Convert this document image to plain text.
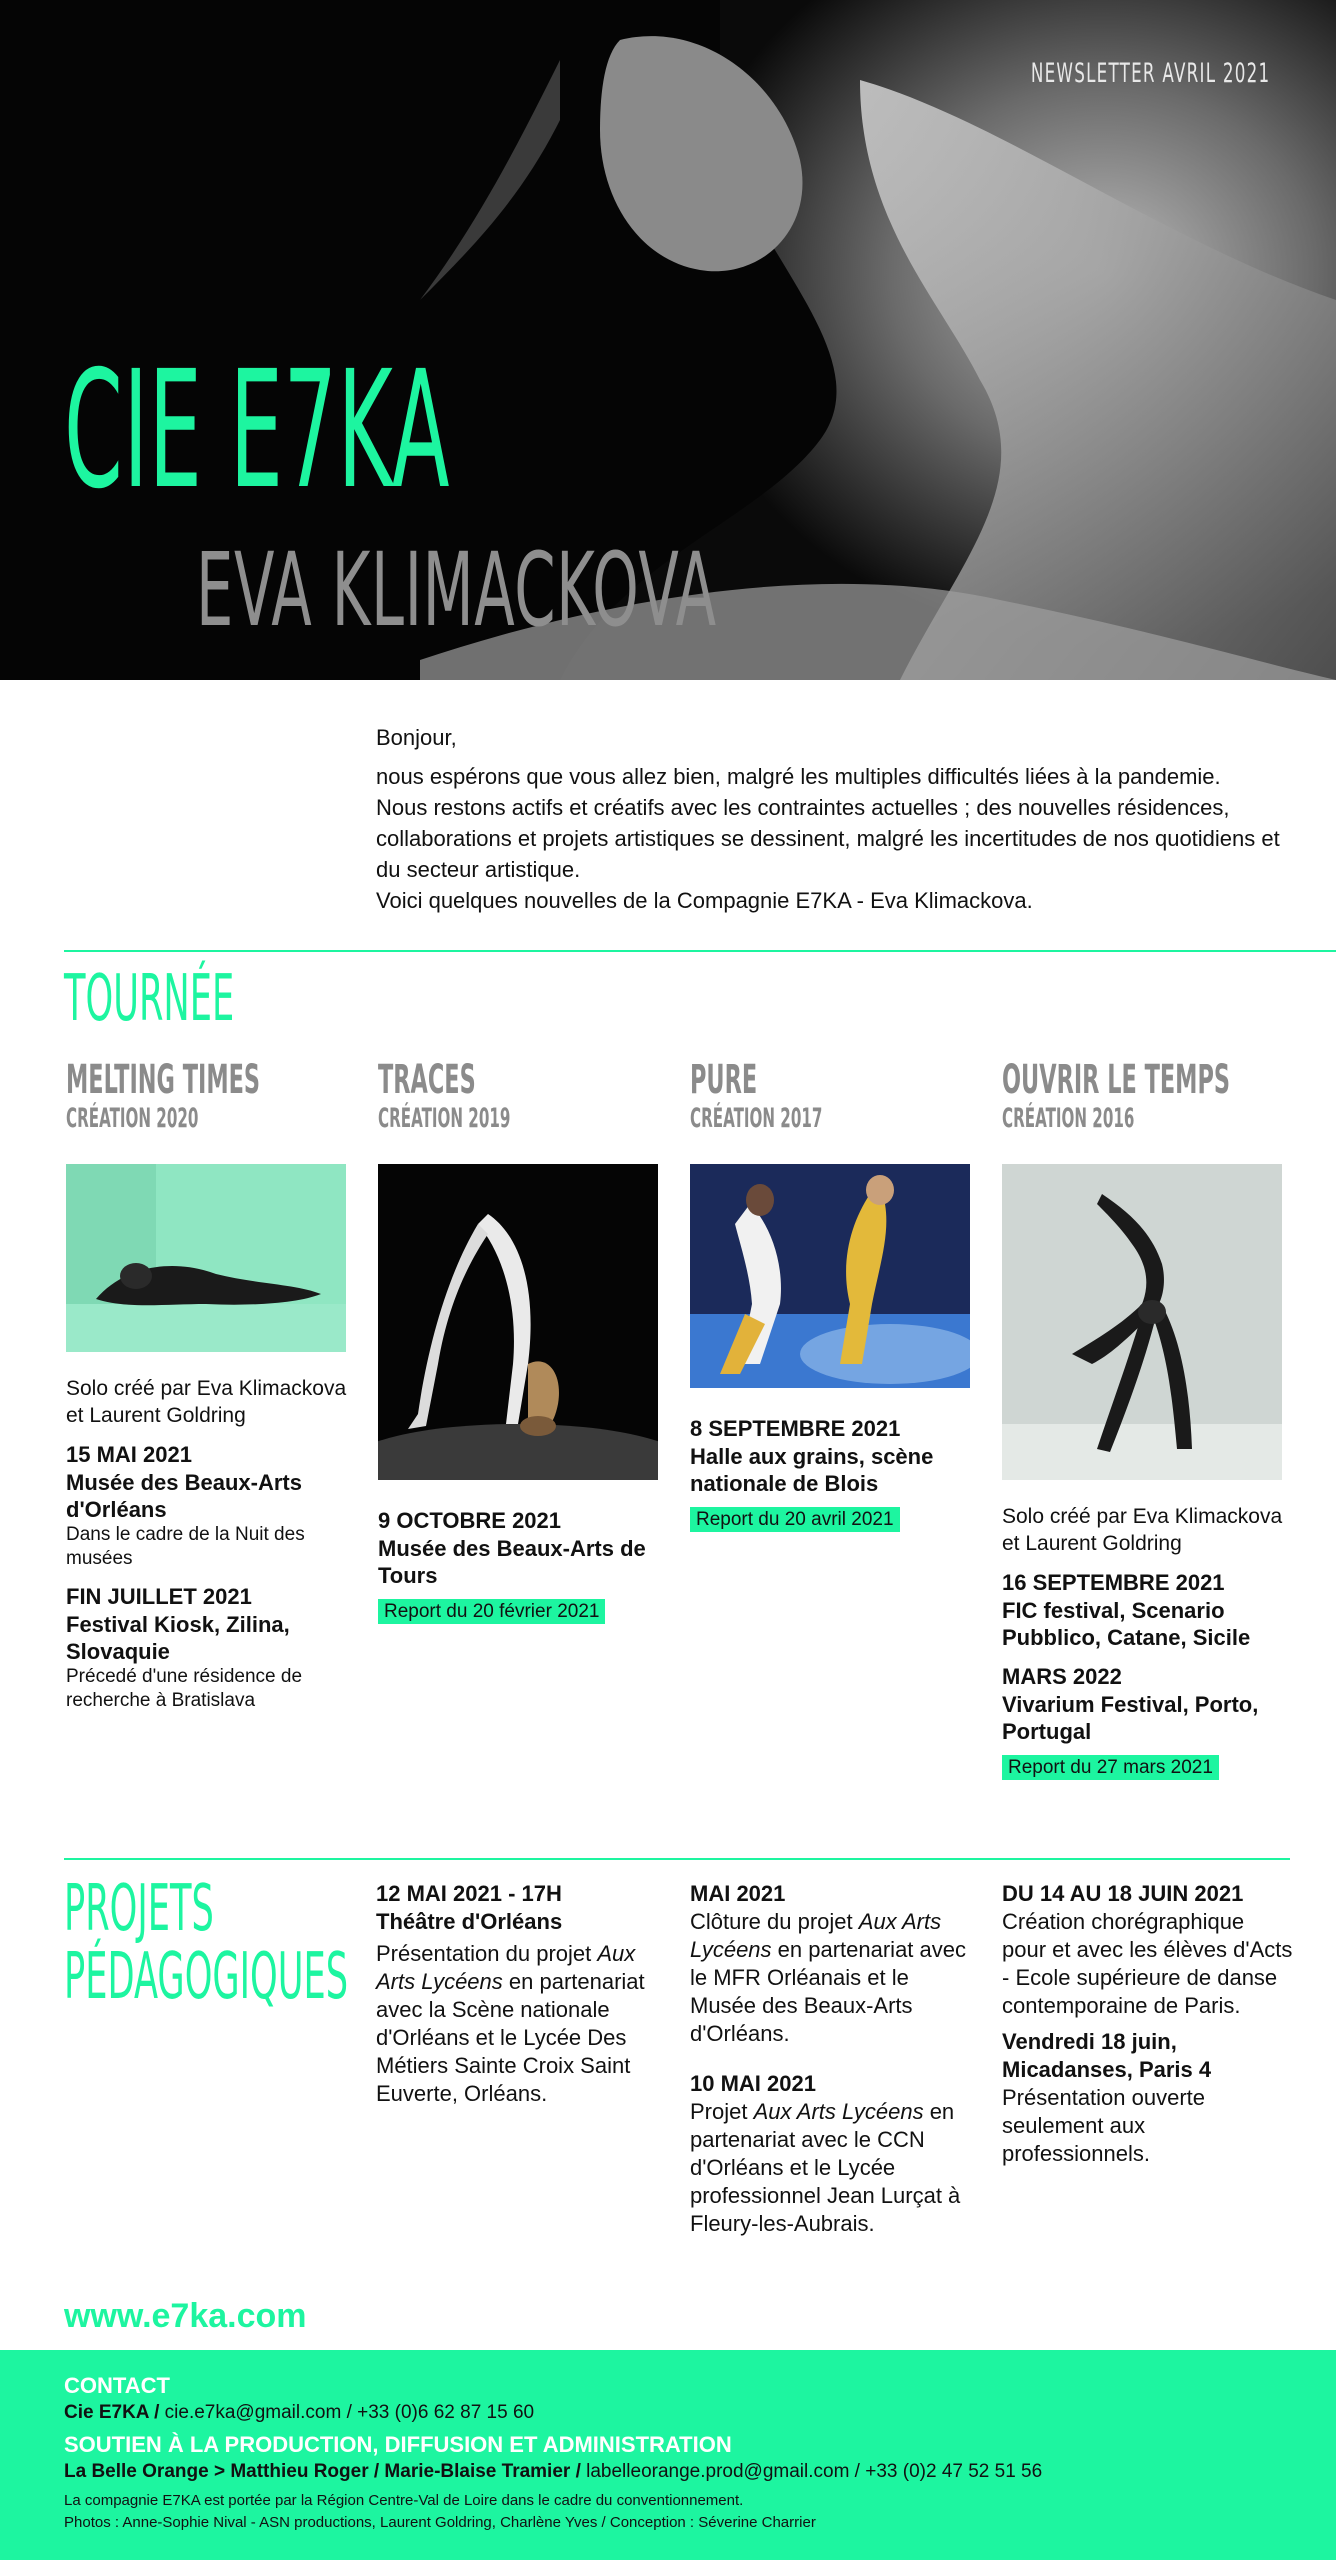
NEWSLETTER AVRIL 2021
CIE E7KA
EVA KLIMACKOVA
Bonjour,
nous espérons que vous allez bien, malgré les multiples difficultés liées à la pandemie.
Nous restons actifs et créatifs avec les contraintes actuelles ; des nouvelles résidences, collaborations et projets artistiques se dessinent, malgré les incertitudes de nos quotidiens et du secteur artistique.
Voici quelques nouvelles de la Compagnie E7KA - Eva Klimackova.
TOURNÉE
MELTING TIMES
CRÉATION 2020
Solo créé par Eva Klimackova et Laurent Goldring
15 MAI 2021
Musée des Beaux-Arts d'Orléans
Dans le cadre de la Nuit des musées
FIN JUILLET 2021
Festival Kiosk, Zilina, Slovaquie
Précedé d'une résidence de recherche à Bratislava
TRACES
CRÉATION 2019
9 OCTOBRE 2021
Musée des Beaux-Arts de Tours
Report du 20 février 2021
PURE
CRÉATION 2017
8 SEPTEMBRE 2021
Halle aux grains, scène nationale de Blois
Report du 20 avril 2021
OUVRIR LE TEMPS
CRÉATION 2016
Solo créé par Eva Klimackova et Laurent Goldring
16 SEPTEMBRE 2021
FIC festival, Scenario Pubblico, Catane, Sicile
MARS 2022
Vivarium Festival, Porto, Portugal
Report du 27 mars 2021
PROJETS
PÉDAGOGIQUES
12 MAI 2021 - 17H
Théâtre d'Orléans
Présentation du projet Aux Arts Lycéens en partenariat avec la Scène nationale d'Orléans et le Lycée Des Métiers Sainte Croix Saint Euverte, Orléans.
MAI 2021
Clôture du projet Aux Arts Lycéens en partenariat avec le MFR Orléanais et le Musée des Beaux-Arts d'Orléans.
10 MAI 2021
Projet Aux Arts Lycéens en partenariat avec le CCN d'Orléans et le Lycée professionnel Jean Lurçat à Fleury-les-Aubrais.
DU 14 AU 18 JUIN 2021
Création chorégraphique pour et avec les élèves d'Acts - Ecole supérieure de danse contemporaine de Paris.
Vendredi 18 juin, Micadanses, Paris 4
Présentation ouverte seulement aux professionnels.
www.e7ka.com
CONTACT
Cie E7KA / cie.e7ka@gmail.com / +33 (0)6 62 87 15 60
SOUTIEN À LA PRODUCTION, DIFFUSION ET ADMINISTRATION
La Belle Orange > Matthieu Roger / Marie-Blaise Tramier / labelleorange.prod@gmail.com / +33 (0)2 47 52 51 56
La compagnie E7KA est portée par la Région Centre-Val de Loire dans le cadre du conventionnement.
Photos : Anne-Sophie Nival - ASN productions, Laurent Goldring, Charlène Yves / Conception : Séverine Charrier
